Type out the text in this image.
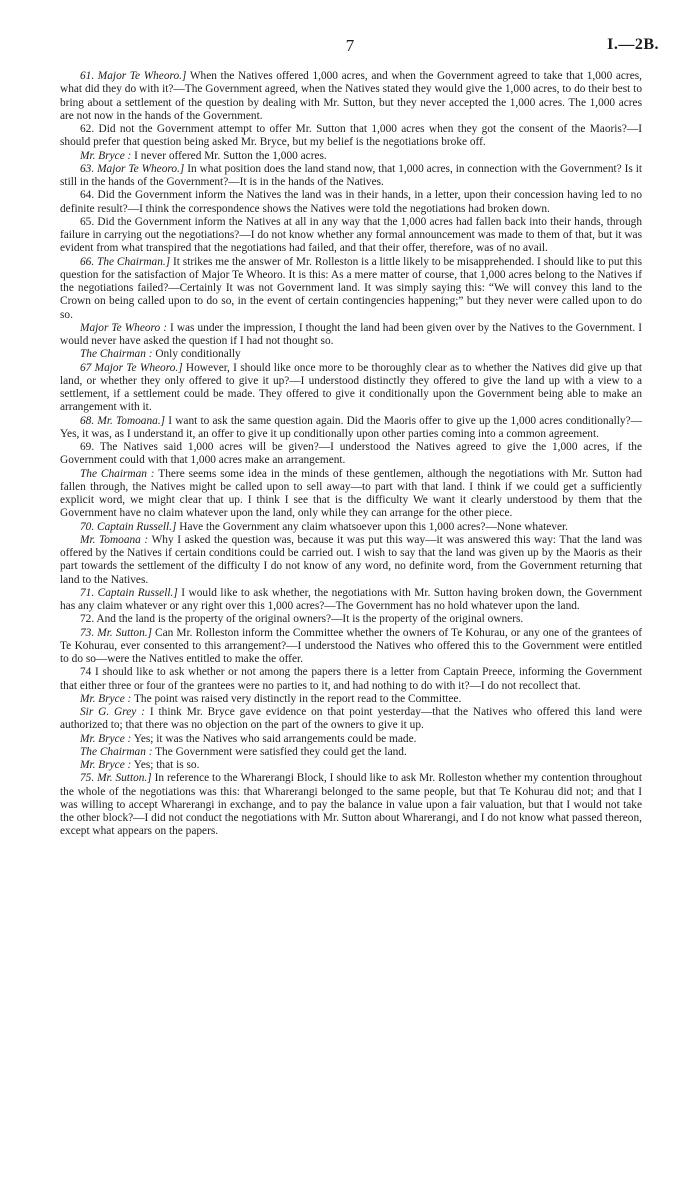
7	I.—2B.

61. Major Te Wheoro.] When the Natives offered 1,000 acres, and when the Government agreed to take that 1,000 acres, what did they do with it?—The Government agreed, when the Natives stated they would give the 1,000 acres, to do their best to bring about a settlement of the question by dealing with Mr. Sutton, but they never accepted the 1,000 acres. The 1,000 acres are not now in the hands of the Government.

62. Did not the Government attempt to offer Mr. Sutton that 1,000 acres when they got the consent of the Maoris?—I should prefer that question being asked Mr. Bryce, but my belief is the negotiations broke off.

Mr. Bryce : I never offered Mr. Sutton the 1,000 acres.

63. Major Te Wheoro.] In what position does the land stand now, that 1,000 acres, in connection with the Government? Is it still in the hands of the Government?—It is in the hands of the Natives.

64. Did the Government inform the Natives the land was in their hands, in a letter, upon their concession having led to no definite result?—I think the correspondence shows the Natives were told the negotiations had broken down.

65. Did the Government inform the Natives at all in any way that the 1,000 acres had fallen back into their hands, through failure in carrying out the negotiations?—I do not know whether any formal announcement was made to them of that, but it was evident from what transpired that the negotiations had failed, and that their offer, therefore, was of no avail.

66. The Chairman.] It strikes me the answer of Mr. Rolleston is a little likely to be misapprehended. I should like to put this question for the satisfaction of Major Te Wheoro. It is this: As a mere matter of course, that 1,000 acres belong to the Natives if the negotiations failed?—Certainly It was not Government land. It was simply saying this: “We will convey this land to the Crown on being called upon to do so, in the event of certain contingencies happening;” but they never were called upon to do so.

Major Te Wheoro : I was under the impression, I thought the land had been given over by the Natives to the Government. I would never have asked the question if I had not thought so.

The Chairman : Only conditionally

67 Major Te Wheoro.] However, I should like once more to be thoroughly clear as to whether the Natives did give up that land, or whether they only offered to give it up?—I understood distinctly they offered to give the land up with a view to a settlement, if a settlement could be made. They offered to give it conditionally upon the Government being able to make an arrangement with it.

68. Mr. Tomoana.] I want to ask the same question again. Did the Maoris offer to give up the 1,000 acres conditionally?—Yes, it was, as I understand it, an offer to give it up conditionally upon other parties coming into a common agreement.

69. The Natives said 1,000 acres will be given?—I understood the Natives agreed to give the 1,000 acres, if the Government could with that 1,000 acres make an arrangement.

The Chairman : There seems some idea in the minds of these gentlemen, although the negotiations with Mr. Sutton had fallen through, the Natives might be called upon to sell away—to part with that land. I think if we could get a sufficiently explicit word, we might clear that up. I think I see that is the difficulty We want it clearly understood by them that the Government have no claim whatever upon the land, only while they can arrange for the other piece.

70. Captain Russell.] Have the Government any claim whatsoever upon this 1,000 acres?—None whatever.

Mr. Tomoana : Why I asked the question was, because it was put this way—it was answered this way: That the land was offered by the Natives if certain conditions could be carried out. I wish to say that the land was given up by the Maoris as their part towards the settlement of the difficulty I do not know of any word, no definite word, from the Government returning that land to the Natives.

71. Captain Russell.] I would like to ask whether, the negotiations with Mr. Sutton having broken down, the Government has any claim whatever or any right over this 1,000 acres?—The Government has no hold whatever upon the land.

72. And the land is the property of the original owners?—It is the property of the original owners.

73. Mr. Sutton.] Can Mr. Rolleston inform the Committee whether the owners of Te Kohurau, or any one of the grantees of Te Kohurau, ever consented to this arrangement?—I understood the Natives who offered this to the Government were entitled to do so—were the Natives entitled to make the offer.

74 I should like to ask whether or not among the papers there is a letter from Captain Preece, informing the Government that either three or four of the grantees were no parties to it, and had nothing to do with it?—I do not recollect that.

Mr. Bryce : The point was raised very distinctly in the report read to the Committee.

Sir G. Grey : I think Mr. Bryce gave evidence on that point yesterday—that the Natives who offered this land were authorized to; that there was no objection on the part of the owners to give it up.

Mr. Bryce : Yes; it was the Natives who said arrangements could be made.

The Chairman : The Government were satisfied they could get the land.

Mr. Bryce : Yes; that is so.

75. Mr. Sutton.] In reference to the Wharerangi Block, I should like to ask Mr. Rolleston whether my contention throughout the whole of the negotiations was this: that Wharerangi belonged to the same people, but that Te Kohurau did not; and that I was willing to accept Wharerangi in exchange, and to pay the balance in value upon a fair valuation, but that I would not take the other block?—I did not conduct the negotiations with Mr. Sutton about Wharerangi, and I do not know what passed thereon, except what appears on the papers.
